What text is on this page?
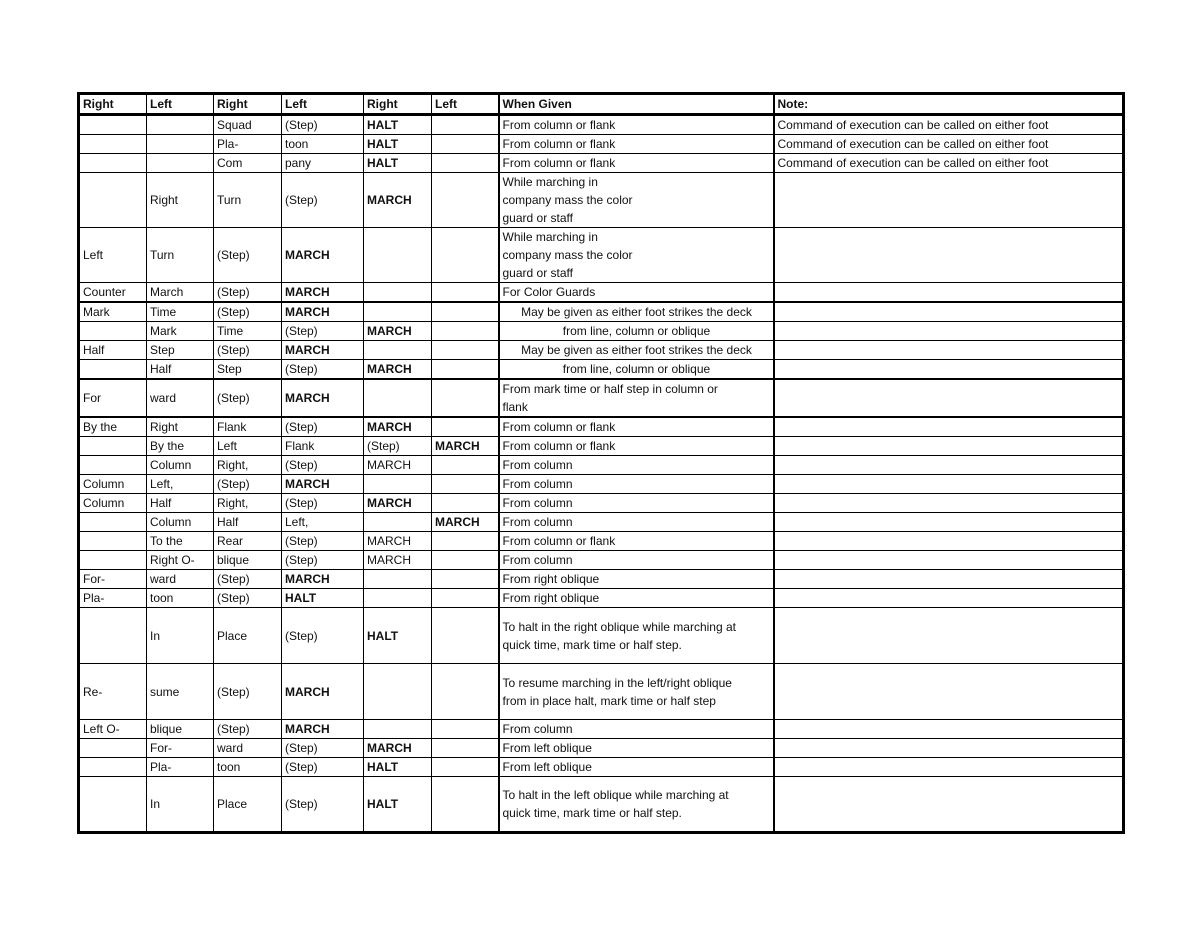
Right	Left	Right	Left	Right	Left	When Given	Note:
		Squad	(Step)	HALT		From column or flank	Command of execution can be called on either foot
		Pla-	toon	HALT		From column or flank	Command of execution can be called on either foot
		Com	pany	HALT		From column or flank	Command of execution can be called on either foot
	Right	Turn	(Step)	MARCH		While marching in
company mass the color
guard or staff	
Left	Turn	(Step)	MARCH			While marching in
company mass the color
guard or staff	
Counter	March	(Step)	MARCH			For Color Guards	
Mark	Time	(Step)	MARCH			May be given as either foot strikes the deck	
	Mark	Time	(Step)	MARCH		from line, column or oblique	
Half	Step	(Step)	MARCH			May be given as either foot strikes the deck	
	Half	Step	(Step)	MARCH		from line, column or oblique	
For	ward	(Step)	MARCH			From mark time or half step in column or
flank	
By the	Right	Flank	(Step)	MARCH		From column or flank	
	By the	Left	Flank	(Step)	MARCH	From column or flank	
	Column	Right,	(Step)	MARCH		From column	
Column	Left,	(Step)	MARCH			From column	
Column	Half	Right,	(Step)	MARCH		From column	
	Column	Half	Left,		MARCH	From column	
	To the	Rear	(Step)	MARCH		From column or flank	
	Right O-	blique	(Step)	MARCH		From column	
For-	ward	(Step)	MARCH			From right oblique	
Pla-	toon	(Step)	HALT			From right oblique	
	In	Place	(Step)	HALT		To halt in the right oblique while marching at
quick time, mark time or half step.	
Re-	sume	(Step)	MARCH			To resume marching in the left/right oblique
from in place halt, mark time or half step	
Left O-	blique	(Step)	MARCH			From column	
	For-	ward	(Step)	MARCH		From left oblique	
	Pla-	toon	(Step)	HALT		From left oblique	
	In	Place	(Step)	HALT		To halt in the left oblique while marching at
quick time, mark time or half step.	
